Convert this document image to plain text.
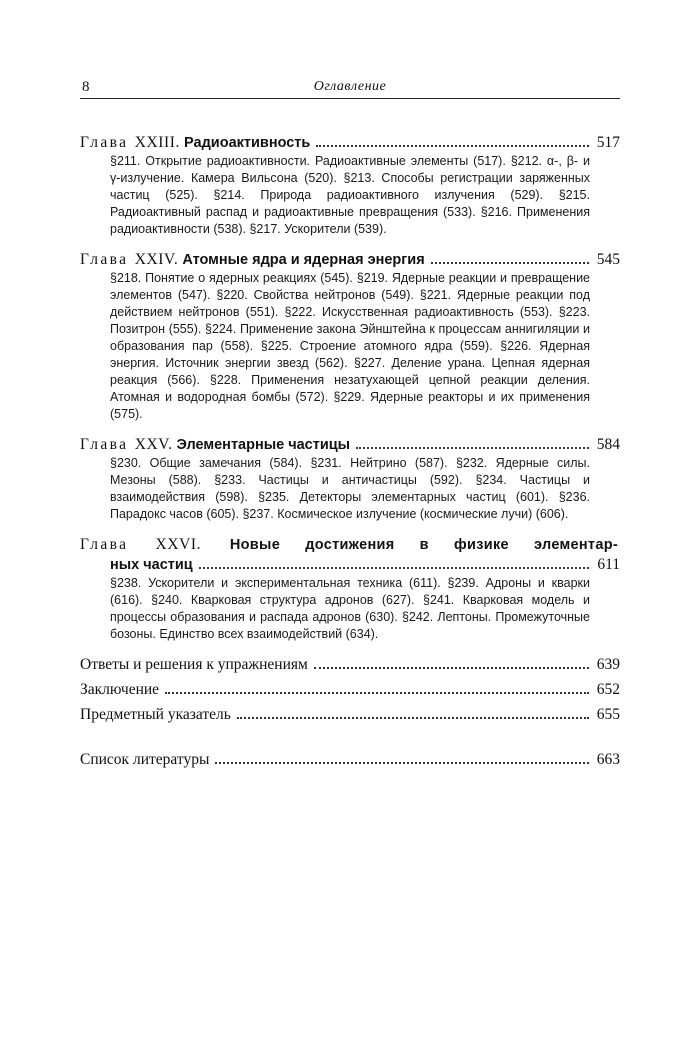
8	Оглавление
Глава XXIII. Радиоактивность	517
§211. Открытие радиоактивности. Радиоактивные элементы (517). §212. α-, β- и γ-излучение. Камера Вильсона (520). §213. Способы регистрации заряженных частиц (525). §214. Природа радиоактивного излучения (529). §215. Радиоактивный распад и радиоактивные превращения (533). §216. Применения радиоактивности (538). §217. Ускорители (539).
Глава XXIV. Атомные ядра и ядерная энергия	545
§218. Понятие о ядерных реакциях (545). §219. Ядерные реакции и превращение элементов (547). §220. Свойства нейтронов (549). §221. Ядерные реакции под действием нейтронов (551). §222. Искусственная радиоактивность (553). §223. Позитрон (555). §224. Применение закона Эйнштейна к процессам аннигиляции и образования пар (558). §225. Строение атомного ядра (559). §226. Ядерная энергия. Источник энергии звезд (562). §227. Деление урана. Цепная ядерная реакция (566). §228. Применения незатухающей цепной реакции деления. Атомная и водородная бомбы (572). §229. Ядерные реакторы и их применения (575).
Глава XXV. Элементарные частицы	584
§230. Общие замечания (584). §231. Нейтрино (587). §232. Ядерные силы. Мезоны (588). §233. Частицы и античастицы (592). §234. Частицы и взаимодействия (598). §235. Детекторы элементарных частиц (601). §236. Парадокс часов (605). §237. Космическое излучение (космические лучи) (606).
Глава XXVI. Новые достижения в физике элементар-
ных частиц	611
§238. Ускорители и экспериментальная техника (611). §239. Адроны и кварки (616). §240. Кварковая структура адронов (627). §241. Кварковая модель и процессы образования и распада адронов (630). §242. Лептоны. Промежуточные бозоны. Единство всех взаимодействий (634).
Ответы и решения к упражнениям	639
Заключение	652
Предметный указатель	655
Список литературы	663
